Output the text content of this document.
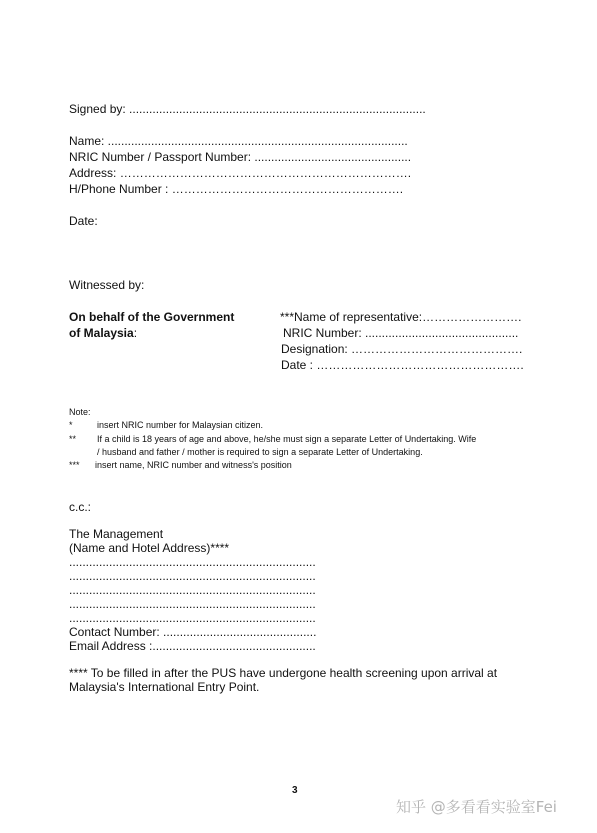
Signed by: .........................................................................................
Name: ..........................................................................................
NRIC Number / Passport Number: ...............................................
Address: ……………………………………………………………….
H/Phone Number : ………………………………………………….
Date:
Witnessed by:
On behalf of the Government
of Malaysia:
***Name of representative:…………………….
NRIC Number: ..............................................
Designation: …………………………………….
Date : …………………………………………….
Note:
*	insert NRIC number for Malaysian citizen.
** If a child is 18 years of age and above, he/she must sign a separate Letter of Undertaking. Wife
/ husband and father / mother is required to sign a separate Letter of Undertaking.
*** insert name, NRIC number and witness's position
c.c.:
The Management
(Name and Hotel Address)****
..........................................................................
..........................................................................
..........................................................................
..........................................................................
..........................................................................
Contact Number: ..............................................
Email Address :.................................................
**** To be filled in after the PUS have undergone health screening upon arrival at
Malaysia's International Entry Point.
3
知乎 @多看看实验室Fei
